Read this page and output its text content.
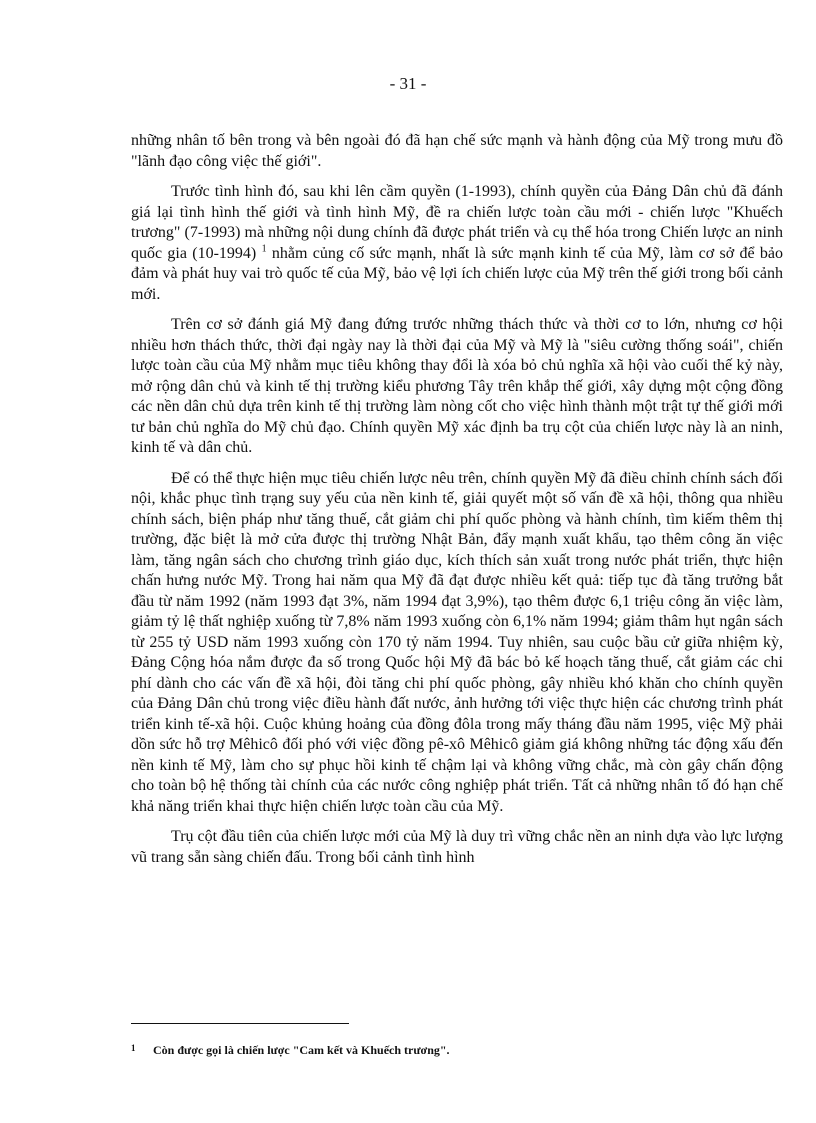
- 31 -

những nhân tố bên trong và bên ngoài đó đã hạn chế sức mạnh và hành động của Mỹ trong mưu đồ "lãnh đạo công việc thế giới".

Trước tình hình đó, sau khi lên cầm quyền (1-1993), chính quyền của Đảng Dân chủ đã đánh giá lại tình hình thế giới và tình hình Mỹ, đề ra chiến lược toàn cầu mới - chiến lược "Khuếch trương" (7-1993) mà những nội dung chính đã được phát triển và cụ thể hóa trong Chiến lược an ninh quốc gia (10-1994) $^1$ nhằm củng cố sức mạnh, nhất là sức mạnh kinh tế của Mỹ, làm cơ sở để bảo đảm và phát huy vai trò quốc tế của Mỹ, bảo vệ lợi ích chiến lược của Mỹ trên thế giới trong bối cảnh mới.

Trên cơ sở đánh giá Mỹ đang đứng trước những thách thức và thời cơ to lớn, nhưng cơ hội nhiều hơn thách thức, thời đại ngày nay là thời đại của Mỹ và Mỹ là "siêu cường thống soái", chiến lược toàn cầu của Mỹ nhằm mục tiêu không thay đổi là xóa bỏ chủ nghĩa xã hội vào cuối thế kỷ này, mở rộng dân chủ và kinh tế thị trường kiểu phương Tây trên khắp thế giới, xây dựng một cộng đồng các nền dân chủ dựa trên kinh tế thị trường làm nòng cốt cho việc hình thành một trật tự thế giới mới tư bản chủ nghĩa do Mỹ chủ đạo. Chính quyền Mỹ xác định ba trụ cột của chiến lược này là an ninh, kinh tế và dân chủ.

Để có thể thực hiện mục tiêu chiến lược nêu trên, chính quyền Mỹ đã điều chỉnh chính sách đối nội, khắc phục tình trạng suy yếu của nền kinh tế, giải quyết một số vấn đề xã hội, thông qua nhiều chính sách, biện pháp như tăng thuế, cắt giảm chi phí quốc phòng và hành chính, tìm kiếm thêm thị trường, đặc biệt là mở cửa được thị trường Nhật Bản, đẩy mạnh xuất khẩu, tạo thêm công ăn việc làm, tăng ngân sách cho chương trình giáo dục, kích thích sản xuất trong nước phát triển, thực hiện chấn hưng nước Mỹ. Trong hai năm qua Mỹ đã đạt được nhiều kết quả: tiếp tục đà tăng trưởng bắt đầu từ năm 1992 (năm 1993 đạt 3%, năm 1994 đạt 3,9%), tạo thêm được 6,1 triệu công ăn việc làm, giảm tỷ lệ thất nghiệp xuống từ 7,8% năm 1993 xuống còn 6,1% năm 1994; giảm thâm hụt ngân sách từ 255 tỷ USD năm 1993 xuống còn 170 tỷ năm 1994. Tuy nhiên, sau cuộc bầu cử giữa nhiệm kỳ, Đảng Cộng hóa nắm được đa số trong Quốc hội Mỹ đã bác bỏ kế hoạch tăng thuế, cắt giảm các chi phí dành cho các vấn đề xã hội, đòi tăng chi phí quốc phòng, gây nhiều khó khăn cho chính quyền của Đảng Dân chủ trong việc điều hành đất nước, ảnh hưởng tới việc thực hiện các chương trình phát triển kinh tế-xã hội. Cuộc khủng hoảng của đồng đôla trong mấy tháng đầu năm 1995, việc Mỹ phải dồn sức hỗ trợ Mêhicô đối phó với việc đồng pê-xô Mêhicô giảm giá không những tác động xấu đến nền kinh tế Mỹ, làm cho sự phục hồi kinh tế chậm lại và không vững chắc, mà còn gây chấn động cho toàn bộ hệ thống tài chính của các nước công nghiệp phát triển. Tất cả những nhân tố đó hạn chế khả năng triển khai thực hiện chiến lược toàn cầu của Mỹ.

Trụ cột đầu tiên của chiến lược mới của Mỹ là duy trì vững chắc nền an ninh dựa vào lực lượng vũ trang sẵn sàng chiến đấu. Trong bối cảnh tình hình

1 Còn được gọi là chiến lược "Cam kết và Khuếch trương".
